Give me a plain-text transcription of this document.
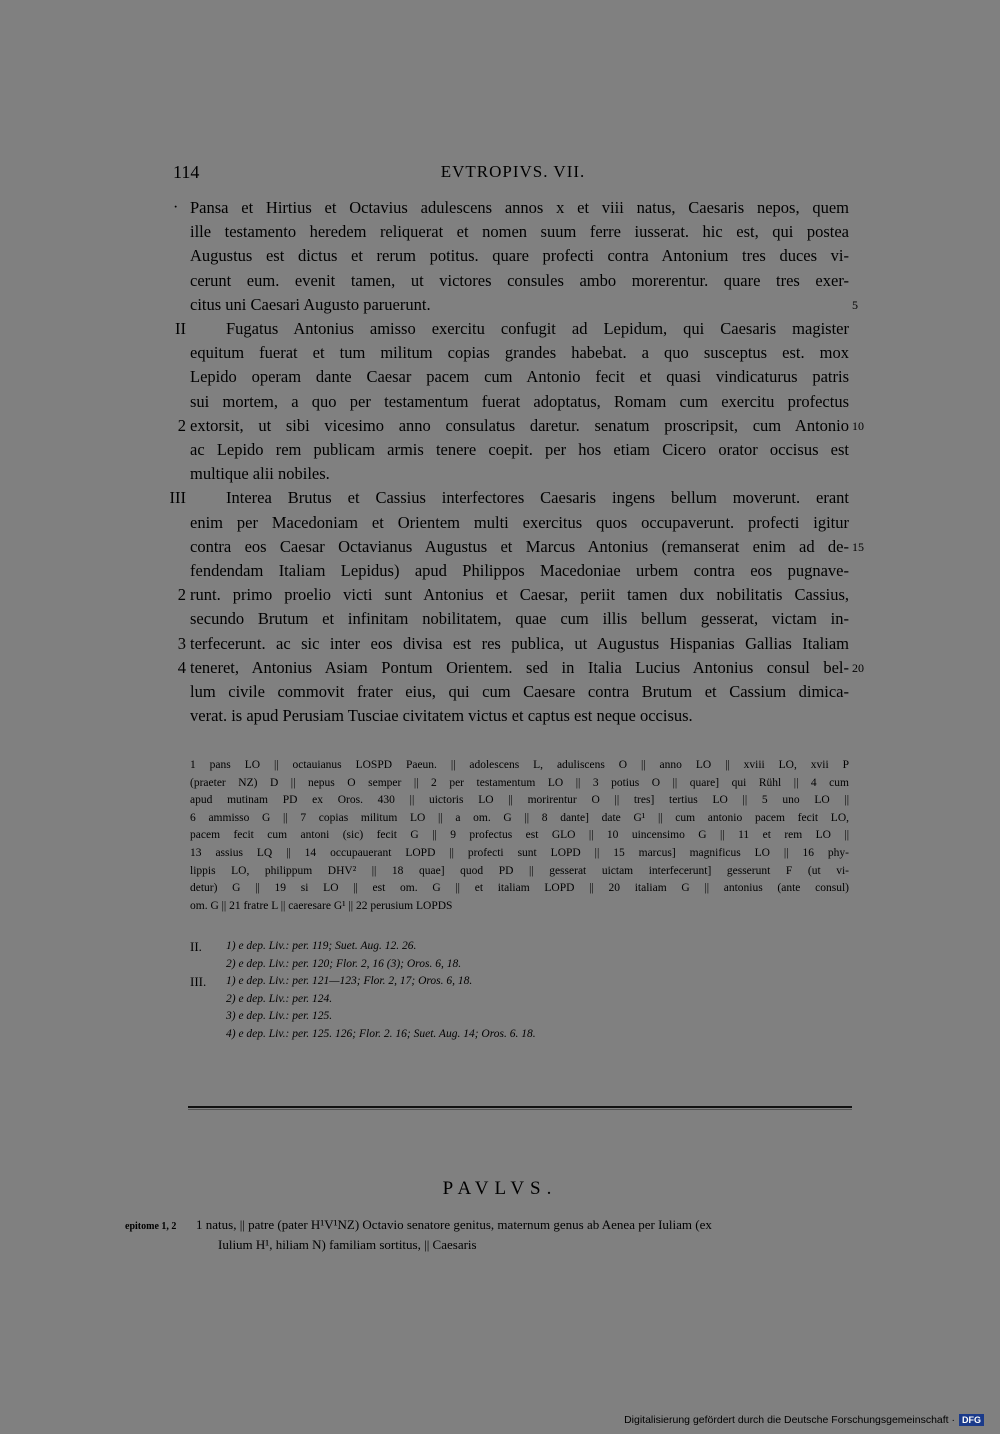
114	EVTROPIVS. VII.
Pansa et Hirtius et Octavius adulescens annos x et viii natus, Caesaris nepos, quem
·
ille testamento heredem reliquerat et nomen suum ferre iusserat. hic est, qui postea
Augustus est dictus et rerum potitus. quare profecti contra Antonium tres duces vi-
cerunt eum. evenit tamen, ut victores consules ambo morerentur. quare tres exer-
citus uni Caesari Augusto paruerunt.	5
Fugatus Antonius amisso exercitu confugit ad Lepidum, qui Caesaris magister
II
equitum fuerat et tum militum copias grandes habebat. a quo susceptus est. mox
Lepido operam dante Caesar pacem cum Antonio fecit et quasi vindicaturus patris
sui mortem, a quo per testamentum fuerat adoptatus, Romam cum exercitu profectus
extorsit, ut sibi vicesimo anno consulatus daretur. senatum proscripsit, cum Antonio
2	10
ac Lepido rem publicam armis tenere coepit. per hos etiam Cicero orator occisus est
multique alii nobiles.
Interea Brutus et Cassius interfectores Caesaris ingens bellum moverunt. erant
III
enim per Macedoniam et Orientem multi exercitus quos occupaverunt. profecti igitur
contra eos Caesar Octavianus Augustus et Marcus Antonius (remanserat enim ad de- 15
fendendam Italiam Lepidus) apud Philippos Macedoniae urbem contra eos pugnave-
runt. primo proelio victi sunt Antonius et Caesar, periit tamen dux nobilitatis Cassius,
2
secundo Brutum et infinitam nobilitatem, quae cum illis bellum gesserat, victam in-
terfecerunt. ac sic inter eos divisa est res publica, ut Augustus Hispanias Gallias Italiam
3
teneret, Antonius Asiam Pontum Orientem. sed in Italia Lucius Antonius consul bel-
4	20
lum civile commovit frater eius, qui cum Caesare contra Brutum et Cassium dimica-
verat. is apud Perusiam Tusciae civitatem victus et captus est neque occisus.
1 pans LO || octauianus LOSPD Paeun. || adolescens L, aduliscens O || anno LO || xviii LO, xvii P
(praeter NZ) D || nepus O semper || 2 per testamentum LO || 3 potius O || quare] qui Rühl || 4 cum
apud mutinam PD ex Oros. 430 || uictoris LO || morirentur O || tres] tertius LO || 5 uno LO ||
6 ammisso G || 7 copias militum LO || a om. G || 8 dante] date G¹ || cum antonio pacem fecit LO,
pacem fecit cum antoni (sic) fecit G || 9 profectus est GLO || 10 uincensimo G || 11 et rem LO ||
13 assius LQ || 14 occupauerant LOPD || profecti sunt LOPD || 15 marcus] magnificus LO || 16 phy-
lippis LO, philippum DHV² || 18 quae] quod PD || gesserat uictam interfecerunt] gesserunt F (ut vi-
detur) G || 19 si LO || est om. G || et italiam LOPD || 20 italiam G || antonius (ante consul)
om. G || 21 fratre L || caeresare G¹ || 22 perusium LOPDS
II.	1) e dep. Liv.: per. 119; Suet. Aug. 12. 26.
2) e dep. Liv.: per. 120; Flor. 2, 16 (3); Oros. 6, 18.
III.	1) e dep. Liv.: per. 121—123; Flor. 2, 17; Oros. 6, 18.
2) e dep. Liv.: per. 124.
3) e dep. Liv.: per. 125.
4) e dep. Liv.: per. 125. 126; Flor. 2. 16; Suet. Aug. 14; Oros. 6. 18.
PAVLVS.
epitome 1, 2 1 natus, || patre (pater H¹V¹NZ) Octavio senatore genitus, maternum genus ab Aenea per Iuliam (ex
Iulium H¹, hiliam N) familiam sortitus, || Caesaris
Digitalisierung gefördert durch die Deutsche Forschungsgemeinschaft · DFG
